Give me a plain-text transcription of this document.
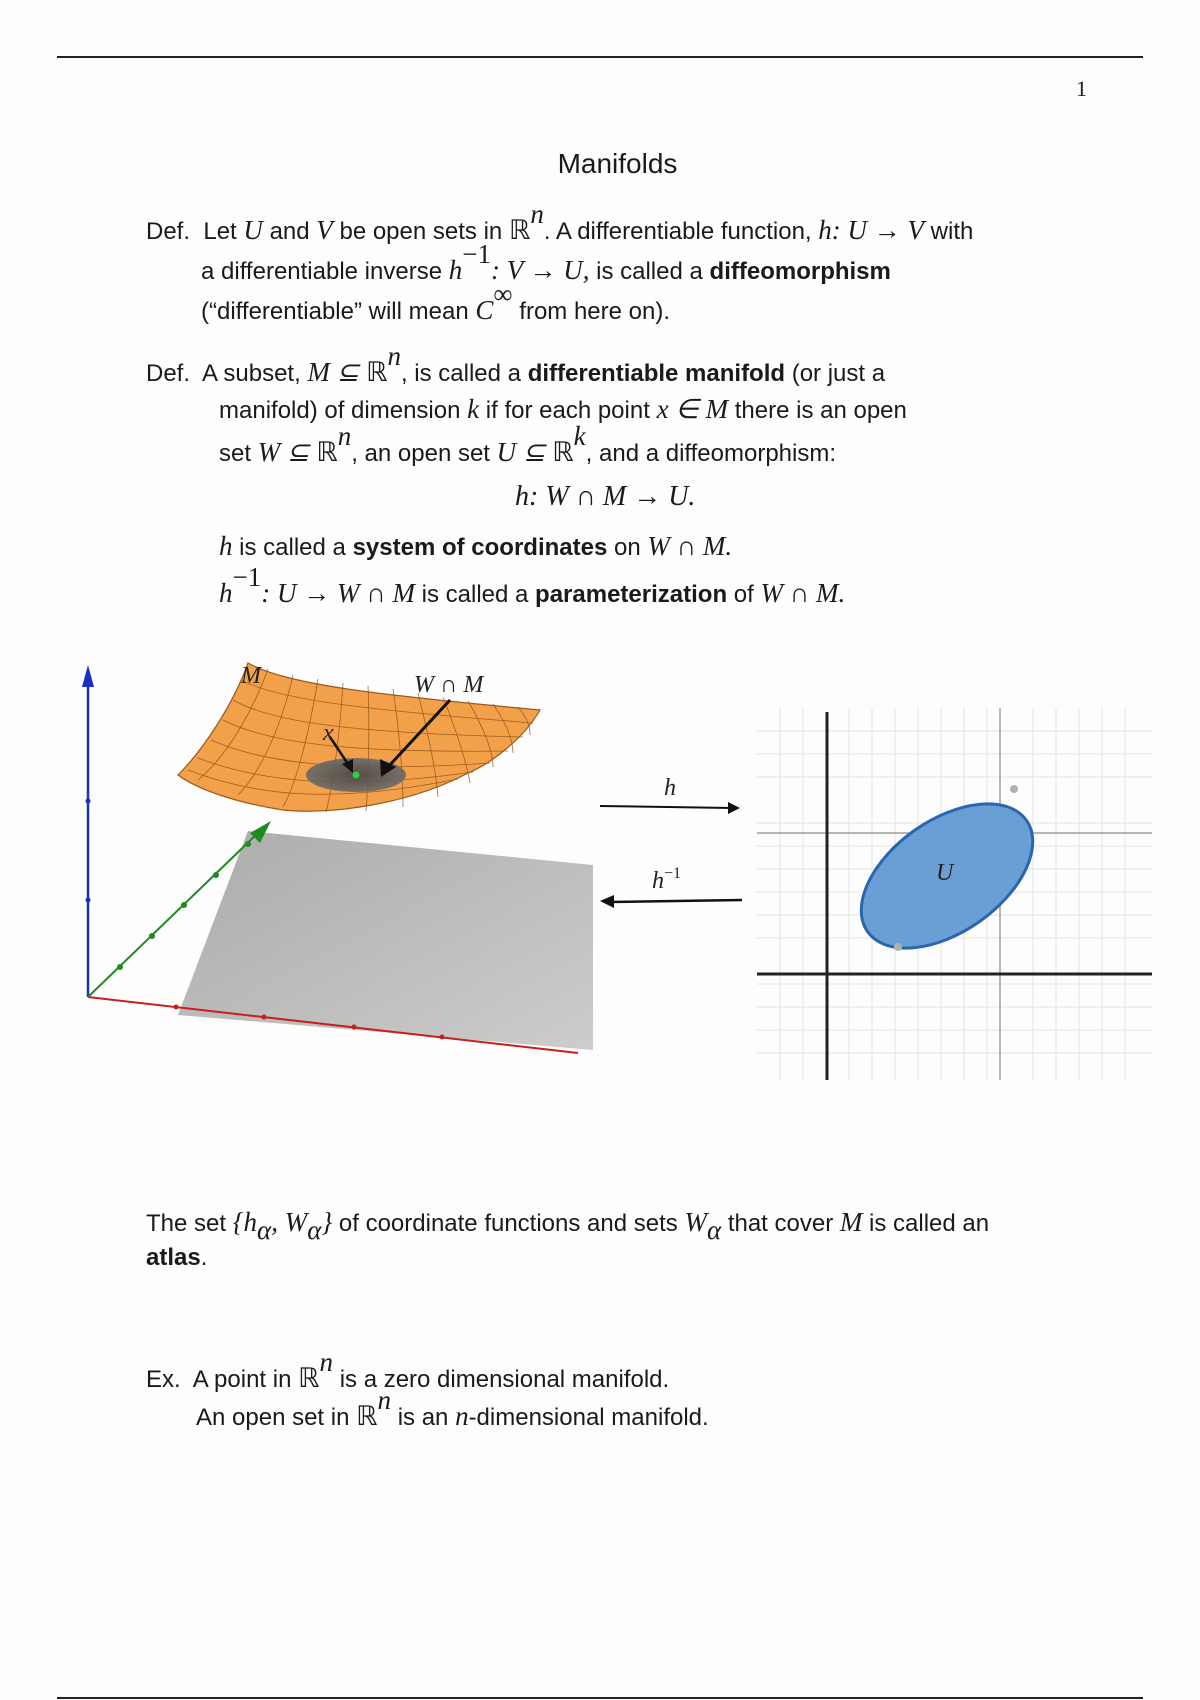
1
Manifolds
Def. Let U and V be open sets in ℝ$^n$. A differentiable function, h: U → V with
a differentiable inverse $h^{-1}$: V → U, is called a diffeomorphism
(“differentiable” will mean C∞ from here on).
Def. A subset, M ⊆ ℝ$^n$, is called a differentiable manifold (or just a
manifold) of dimension k if for each point x ∈ M there is an open
set W ⊆ ℝ$^n$, an open set U ⊆ ℝ$^k$, and a diffeomorphism:
h: W ∩ M → U.
h is called a system of coordinates on W ∩ M.
$h^{-1}$: U → W ∩ M is called a parameterization of W ∩ M.
M	W ∩ M
x
h
$h^{-1}$	U
The set {$h_\alpha$, $W_\alpha$} of coordinate functions and sets $W_\alpha$ that cover M is called an
atlas.
Ex. A point in ℝ$^n$ is a zero dimensional manifold.
An open set in ℝ$^n$ is an n-dimensional manifold.
